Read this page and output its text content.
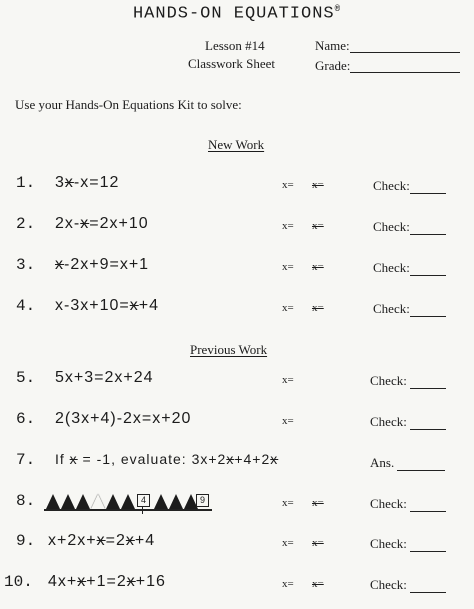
HANDS-ON EQUATIONS®
Lesson #14
Classwork Sheet
Name:
Grade:
Use your Hands-On Equations Kit to solve:
New Work
Previous Work
1. 3x-x=12	x= x=	Check:
2. 2x-x=2x+10	x= x=	Check:
3. x-2x+9=x+1	x= x=	Check:
4. x-3x+10=x+4	x= x=	Check:
5. 5x+3=2x+24	x=	Check:
6. 2(3x+4)-2x=x+20	x=	Check:
7. If x = -1, evaluate: 3x+2x+4+2x	Ans.
8.	4	9	x= x=	Check:
9. x+2x+x=2x+4	x= x=	Check:
10. 4x+x+1=2x+16	x= x=	Check:
